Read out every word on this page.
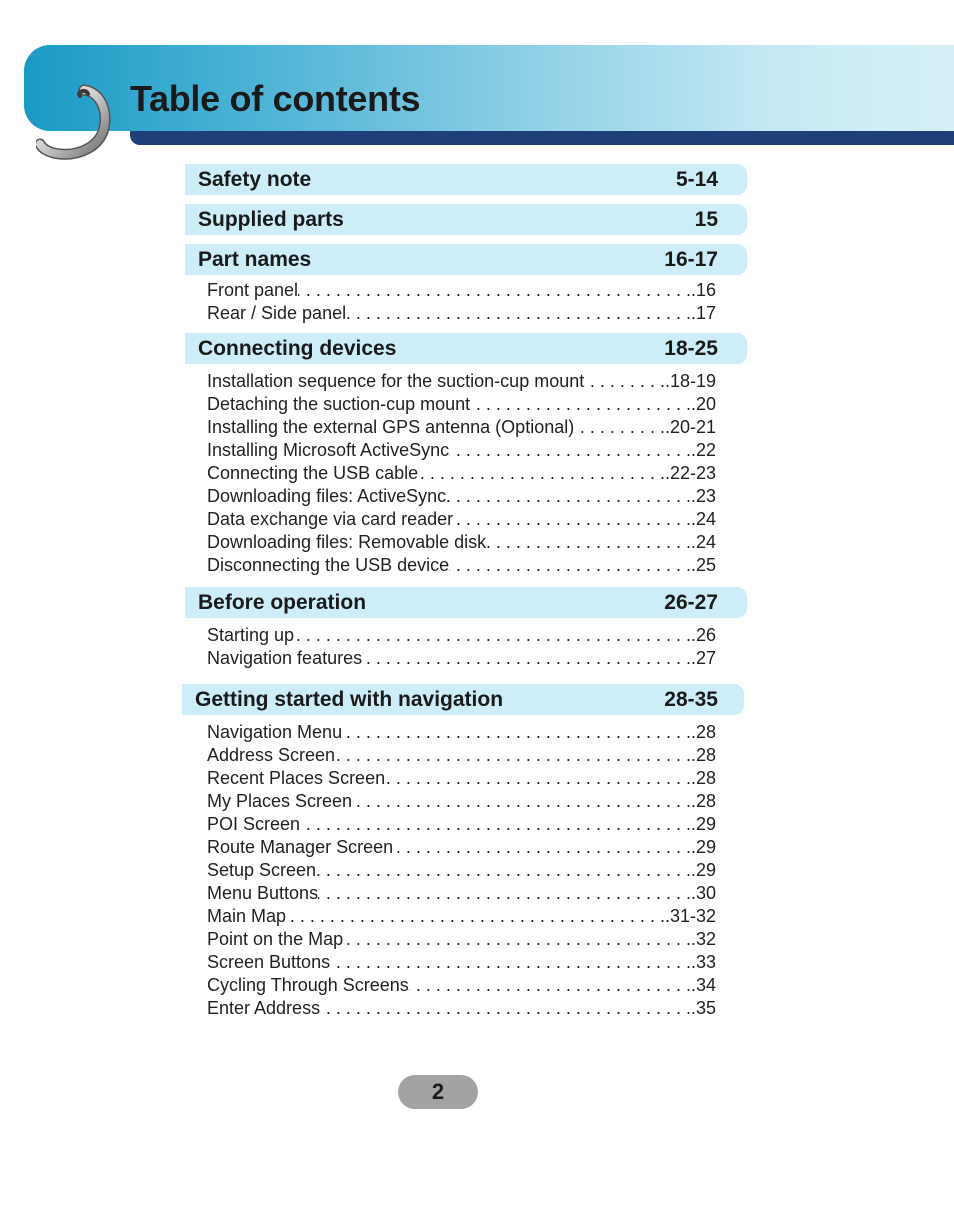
Table of contents
Safety note	5-14
Supplied parts	15
Part names	16-17
Front panel . . .	.16
Rear / Side panel . . .	.17
Connecting devices	18-25
Installation sequence for the suction-cup mount . . .	.18-19
Detaching the suction-cup mount . . .	.20
Installing the external GPS antenna (Optional) . . .	.20-21
Installing Microsoft ActiveSync . . .	.22
Connecting the USB cable . . .	.22-23
Downloading files: ActiveSync . . .	.23
Data exchange via card reader . . .	.24
Downloading files: Removable disk . . .	.24
Disconnecting the USB device . . .	.25
Before operation	26-27
Starting up . . .	.26
Navigation features . . .	.27
Getting started with navigation	28-35
Navigation Menu . . .	.28
Address Screen . . .	.28
Recent Places Screen . . .	.28
My Places Screen . . .	.28
POI Screen . . .	.29
Route Manager Screen . . .	.29
Setup Screen . . .	.29
Menu Buttons . . .	.30
Main Map . . .	.31-32
Point on the Map . . .	.32
Screen Buttons . . .	.33
Cycling Through Screens . . .	.34
Enter Address . . .	.35
2
